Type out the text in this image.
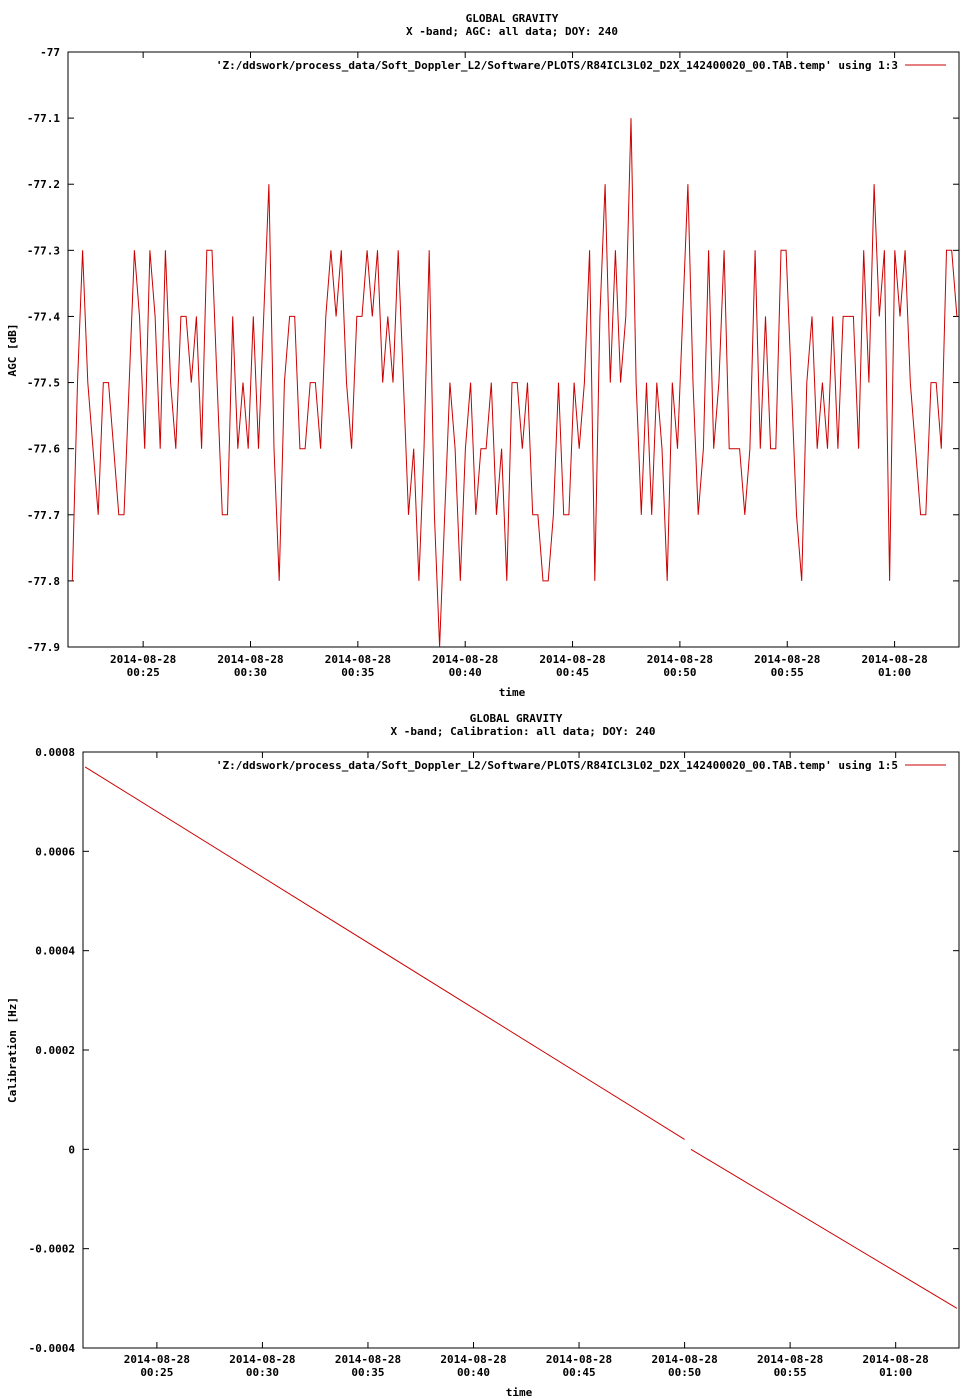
GLOBAL GRAVITY
X -band; AGC: all data; DOY: 240
'Z:/ddswork/process_data/Soft_Doppler_L2/Software/PLOTS/R84ICL3L02_D2X_142400020_00.TAB.temp' using 1:3
AGC [dB]
time
-77
-77.1
-77.2
-77.3
-77.4
-77.5
-77.6
-77.7
-77.8
-77.9
2014-08-28
00:25
2014-08-28
00:30
2014-08-28
00:35
2014-08-28
00:40
2014-08-28
00:45
2014-08-28
00:50
2014-08-28
00:55
2014-08-28
01:00
GLOBAL GRAVITY
X -band; Calibration: all data; DOY: 240
'Z:/ddswork/process_data/Soft_Doppler_L2/Software/PLOTS/R84ICL3L02_D2X_142400020_00.TAB.temp' using 1:5
Calibration [Hz]
time
0.0008
0.0006
0.0004
0.0002
0
-0.0002
-0.0004
2014-08-28
00:25
2014-08-28
00:30
2014-08-28
00:35
2014-08-28
00:40
2014-08-28
00:45
2014-08-28
00:50
2014-08-28
00:55
2014-08-28
01:00
